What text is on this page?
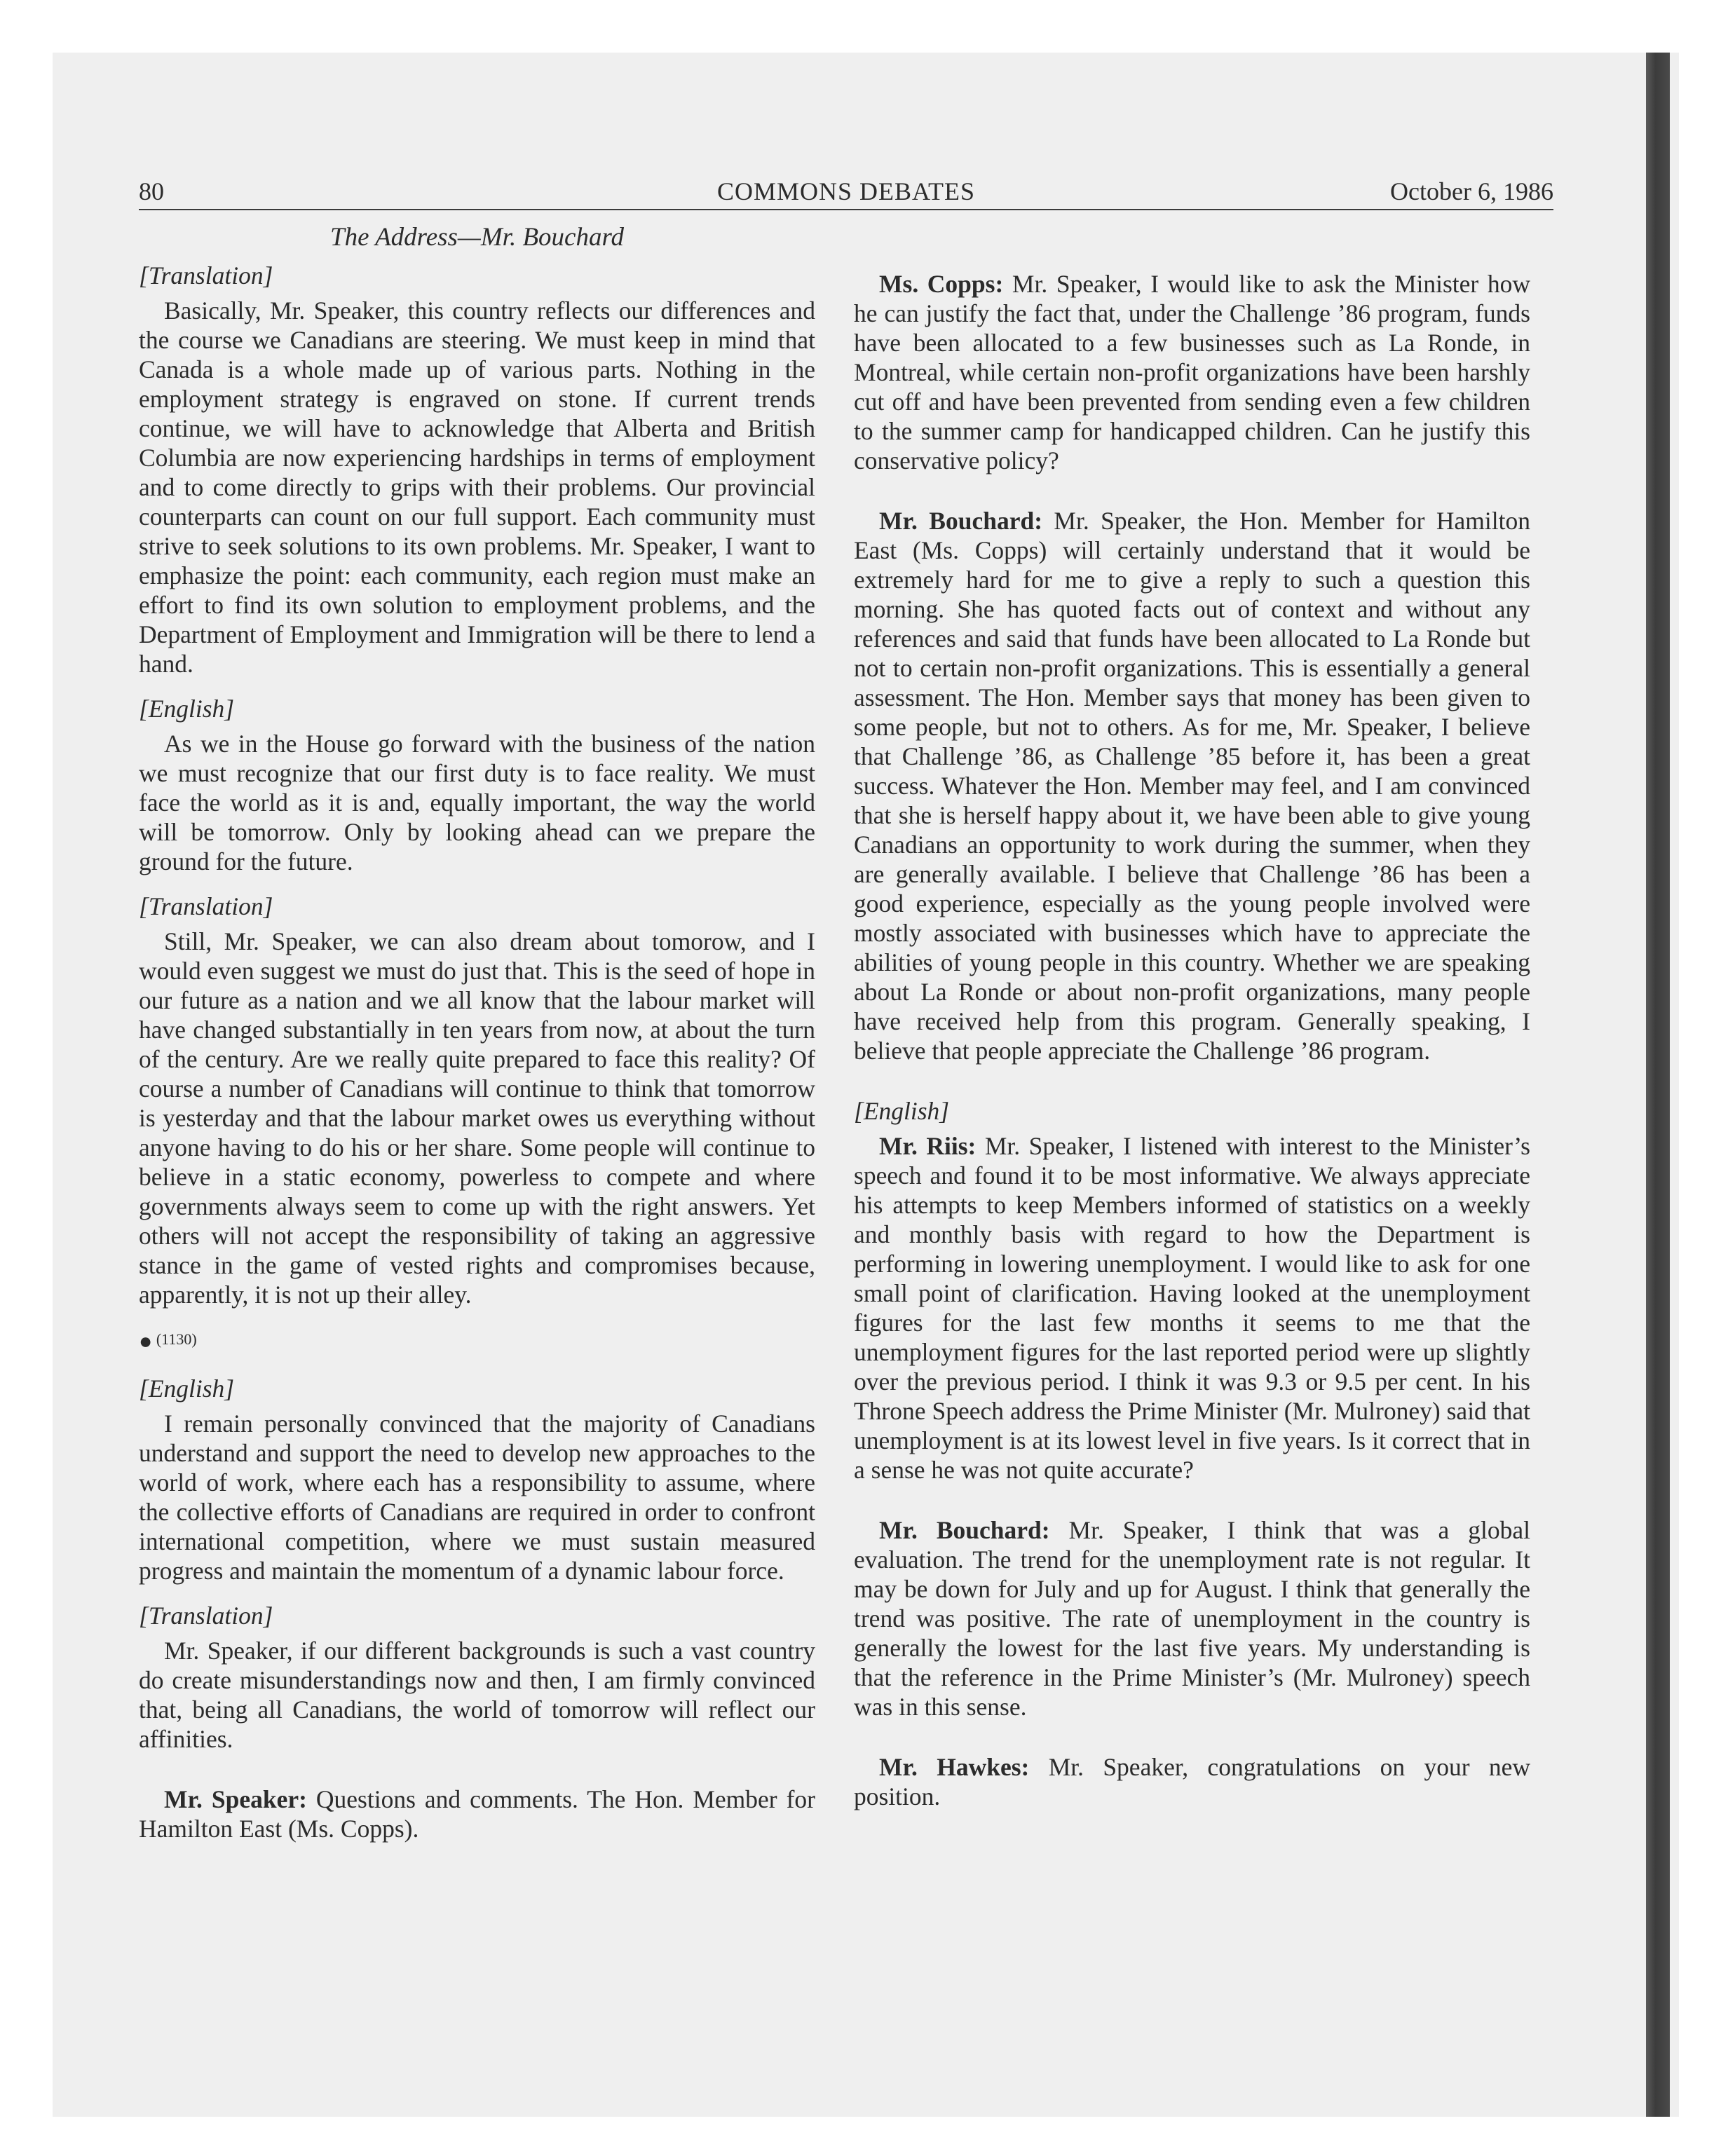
80	COMMONS DEBATES	October 6, 1986
The Address—Mr. Bouchard
[Translation]

Basically, Mr. Speaker, this country reflects our differences and the course we Canadians are steering. We must keep in mind that Canada is a whole made up of various parts. Nothing in the employment strategy is engraved on stone. If current trends continue, we will have to acknowledge that Alberta and British Columbia are now experiencing hardships in terms of employment and to come directly to grips with their problems. Our provincial counterparts can count on our full support. Each community must strive to seek solutions to its own problems. Mr. Speaker, I want to emphasize the point: each community, each region must make an effort to find its own solution to employment problems, and the Department of Employment and Immigration will be there to lend a hand.

[English]

As we in the House go forward with the business of the nation we must recognize that our first duty is to face reality. We must face the world as it is and, equally important, the way the world will be tomorrow. Only by looking ahead can we prepare the ground for the future.

[Translation]

Still, Mr. Speaker, we can also dream about tomorow, and I would even suggest we must do just that. This is the seed of hope in our future as a nation and we all know that the labour market will have changed substantially in ten years from now, at about the turn of the century. Are we really quite prepared to face this reality? Of course a number of Canadians will continue to think that tomorrow is yesterday and that the labour market owes us everything without anyone having to do his or her share. Some people will continue to believe in a static economy, powerless to compete and where governments always seem to come up with the right answers. Yet others will not accept the responsibility of taking an aggressive stance in the game of vested rights and compromises because, apparently, it is not up their alley.

● (1130)
[English]

I remain personally convinced that the majority of Canadians understand and support the need to develop new approaches to the world of work, where each has a responsibility to assume, where the collective efforts of Canadians are required in order to confront international competition, where we must sustain measured progress and maintain the momentum of a dynamic labour force.

[Translation]

Mr. Speaker, if our different backgrounds is such a vast country do create misunderstandings now and then, I am firmly convinced that, being all Canadians, the world of tomorrow will reflect our affinities.

Mr. Speaker: Questions and comments. The Hon. Member for Hamilton East (Ms. Copps).

Ms. Copps: Mr. Speaker, I would like to ask the Minister how he can justify the fact that, under the Challenge ’86 program, funds have been allocated to a few businesses such as La Ronde, in Montreal, while certain non-profit organizations have been harshly cut off and have been prevented from sending even a few children to the summer camp for handicapped children. Can he justify this conservative policy?

Mr. Bouchard: Mr. Speaker, the Hon. Member for Hamilton East (Ms. Copps) will certainly understand that it would be extremely hard for me to give a reply to such a question this morning. She has quoted facts out of context and without any references and said that funds have been allocated to La Ronde but not to certain non-profit organizations. This is essentially a general assessment. The Hon. Member says that money has been given to some people, but not to others. As for me, Mr. Speaker, I believe that Challenge ’86, as Challenge ’85 before it, has been a great success. Whatever the Hon. Member may feel, and I am convinced that she is herself happy about it, we have been able to give young Canadians an opportunity to work during the summer, when they are generally available. I believe that Challenge ’86 has been a good experience, especially as the young people involved were mostly associated with businesses which have to appreciate the abilities of young people in this country. Whether we are speaking about La Ronde or about non-profit organizations, many people have received help from this program. Generally speaking, I believe that people appreciate the Challenge ’86 program.

[English]

Mr. Riis: Mr. Speaker, I listened with interest to the Minister’s speech and found it to be most informative. We always appreciate his attempts to keep Members informed of statistics on a weekly and monthly basis with regard to how the Department is performing in lowering unemployment. I would like to ask for one small point of clarification. Having looked at the unemployment figures for the last few months it seems to me that the unemployment figures for the last reported period were up slightly over the previous period. I think it was 9.3 or 9.5 per cent. In his Throne Speech address the Prime Minister (Mr. Mulroney) said that unemployment is at its lowest level in five years. Is it correct that in a sense he was not quite accurate?

Mr. Bouchard: Mr. Speaker, I think that was a global evaluation. The trend for the unemployment rate is not regular. It may be down for July and up for August. I think that generally the trend was positive. The rate of unemployment in the country is generally the lowest for the last five years. My understanding is that the reference in the Prime Minister’s (Mr. Mulroney) speech was in this sense.

Mr. Hawkes: Mr. Speaker, congratulations on your new position.
